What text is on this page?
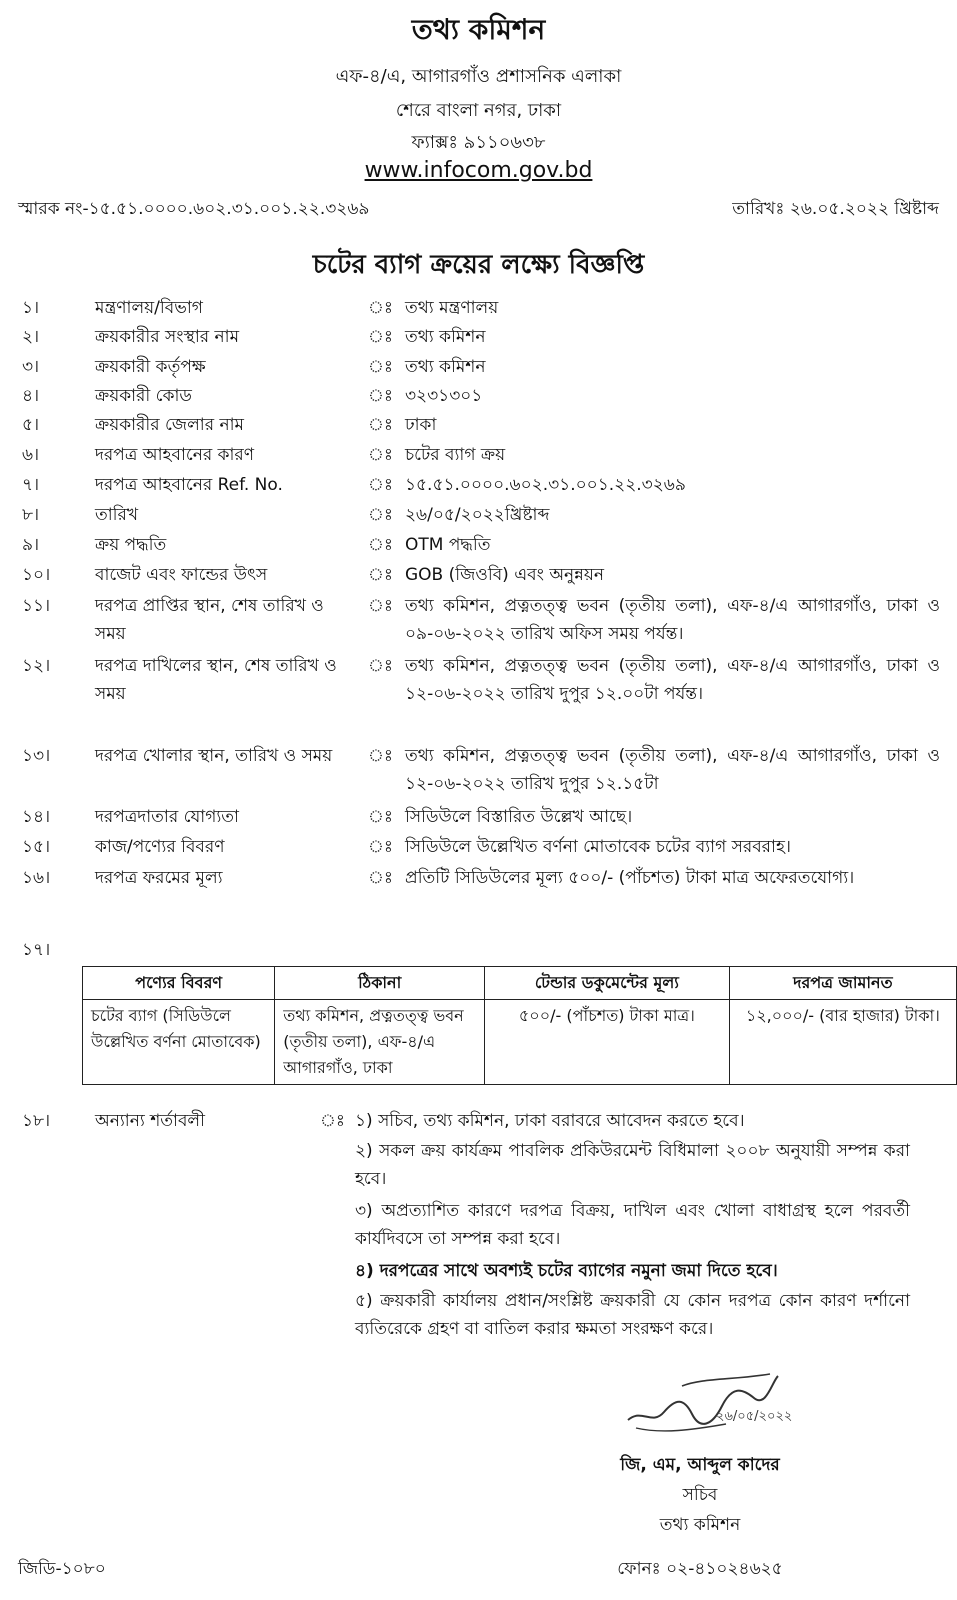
তথ্য কমিশন
এফ-৪/এ, আগারগাঁও প্রশাসনিক এলাকা
শেরে বাংলা নগর, ঢাকা
ফ্যাক্সঃ ৯১১০৬৩৮
www.infocom.gov.bd
স্মারক নং-১৫.৫১.০০০০.৬০২.৩১.০০১.২২.৩২৬৯	তারিখঃ ২৬.০৫.২০২২ খ্রিষ্টাব্দ
চটের ব্যাগ ক্রয়ের লক্ষ্যে বিজ্ঞপ্তি
১।	মন্ত্রণালয়/বিভাগ	ঃ তথ্য মন্ত্রণালয়
২।	ক্রয়কারীর সংস্থার নাম	ঃ তথ্য কমিশন
৩।	ক্রয়কারী কর্তৃপক্ষ	ঃ তথ্য কমিশন
৪।	ক্রয়কারী কোড	ঃ ৩২৩১৩০১
৫।	ক্রয়কারীর জেলার নাম	ঃ ঢাকা
৬।	দরপত্র আহবানের কারণ	ঃ চটের ব্যাগ ক্রয়
৭।	দরপত্র আহবানের Ref. No.	ঃ ১৫.৫১.০০০০.৬০২.৩১.০০১.২২.৩২৬৯
৮।	তারিখ	ঃ ২৬/০৫/২০২২খ্রিষ্টাব্দ
৯।	ক্রয় পদ্ধতি	ঃ OTM পদ্ধতি
১০।	বাজেট এবং ফান্ডের উৎস	ঃ GOB (জিওবি) এবং অনুন্নয়ন
১১।	দরপত্র প্রাপ্তির স্থান, শেষ তারিখ ও সময়
ঃ তথ্য কমিশন, প্রত্নতত্ত্ব ভবন (তৃতীয় তলা), এফ-৪/এ আগারগাঁও, ঢাকা ও ০৯-০৬-২০২২ তারিখ অফিস সময় পর্যন্ত।
১২।	দরপত্র দাখিলের স্থান, শেষ তারিখ ও সময়
ঃ তথ্য কমিশন, প্রত্নতত্ত্ব ভবন (তৃতীয় তলা), এফ-৪/এ আগারগাঁও, ঢাকা ও ১২-০৬-২০২২ তারিখ দুপুর ১২.০০টা পর্যন্ত।
১৩।	দরপত্র খোলার স্থান, তারিখ ও সময়	ঃ তথ্য কমিশন, প্রত্নতত্ত্ব ভবন (তৃতীয় তলা), এফ-৪/এ আগারগাঁও, ঢাকা ও ১২-০৬-২০২২ তারিখ দুপুর ১২.১৫টা
১৪।	দরপত্রদাতার যোগ্যতা	ঃ সিডিউলে বিস্তারিত উল্লেখ আছে।
১৫।	কাজ/পণ্যের বিবরণ	ঃ সিডিউলে উল্লেখিত বর্ণনা মোতাবেক চটের ব্যাগ সরবরাহ।
১৬।	দরপত্র ফরমের মূল্য	ঃ প্রতিটি সিডিউলের মূল্য ৫০০/- (পাঁচশত) টাকা মাত্র অফেরতযোগ্য।
১৭।
পণ্যের বিবরণ	ঠিকানা	টেন্ডার ডকুমেন্টের মূল্য	দরপত্র জামানত
চটের ব্যাগ (সিডিউলে উল্লেখিত বর্ণনা মোতাবেক)	তথ্য কমিশন, প্রত্নতত্ত্ব ভবন (তৃতীয় তলা), এফ-৪/এ আগারগাঁও, ঢাকা	৫০০/- (পাঁচশত) টাকা মাত্র।	১২,০০০/- (বার হাজার) টাকা।
১৮।	অন্যান্য শর্তাবলী	ঃ ১) সচিব, তথ্য কমিশন, ঢাকা বরাবরে আবেদন করতে হবে।
২) সকল ক্রয় কার্যক্রম পাবলিক প্রকিউরমেন্ট বিধিমালা ২০০৮ অনুযায়ী সম্পন্ন করা হবে।
৩) অপ্রত্যাশিত কারণে দরপত্র বিক্রয়, দাখিল এবং খোলা বাধাগ্রস্থ হলে পরবর্তী কার্যদিবসে তা সম্পন্ন করা হবে।
৪) দরপত্রের সাথে অবশ্যই চটের ব্যাগের নমুনা জমা দিতে হবে।
৫) ক্রয়কারী কার্যালয় প্রধান/সংশ্লিষ্ট ক্রয়কারী যে কোন দরপত্র কোন কারণ দর্শানো ব্যতিরেকে গ্রহণ বা বাতিল করার ক্ষমতা সংরক্ষণ করে।
২৬/০৫/২০২২
জি, এম, আব্দুল কাদের
সচিব
তথ্য কমিশন
ফোনঃ ০২-৪১০২৪৬২৫
জিডি-১০৮০
